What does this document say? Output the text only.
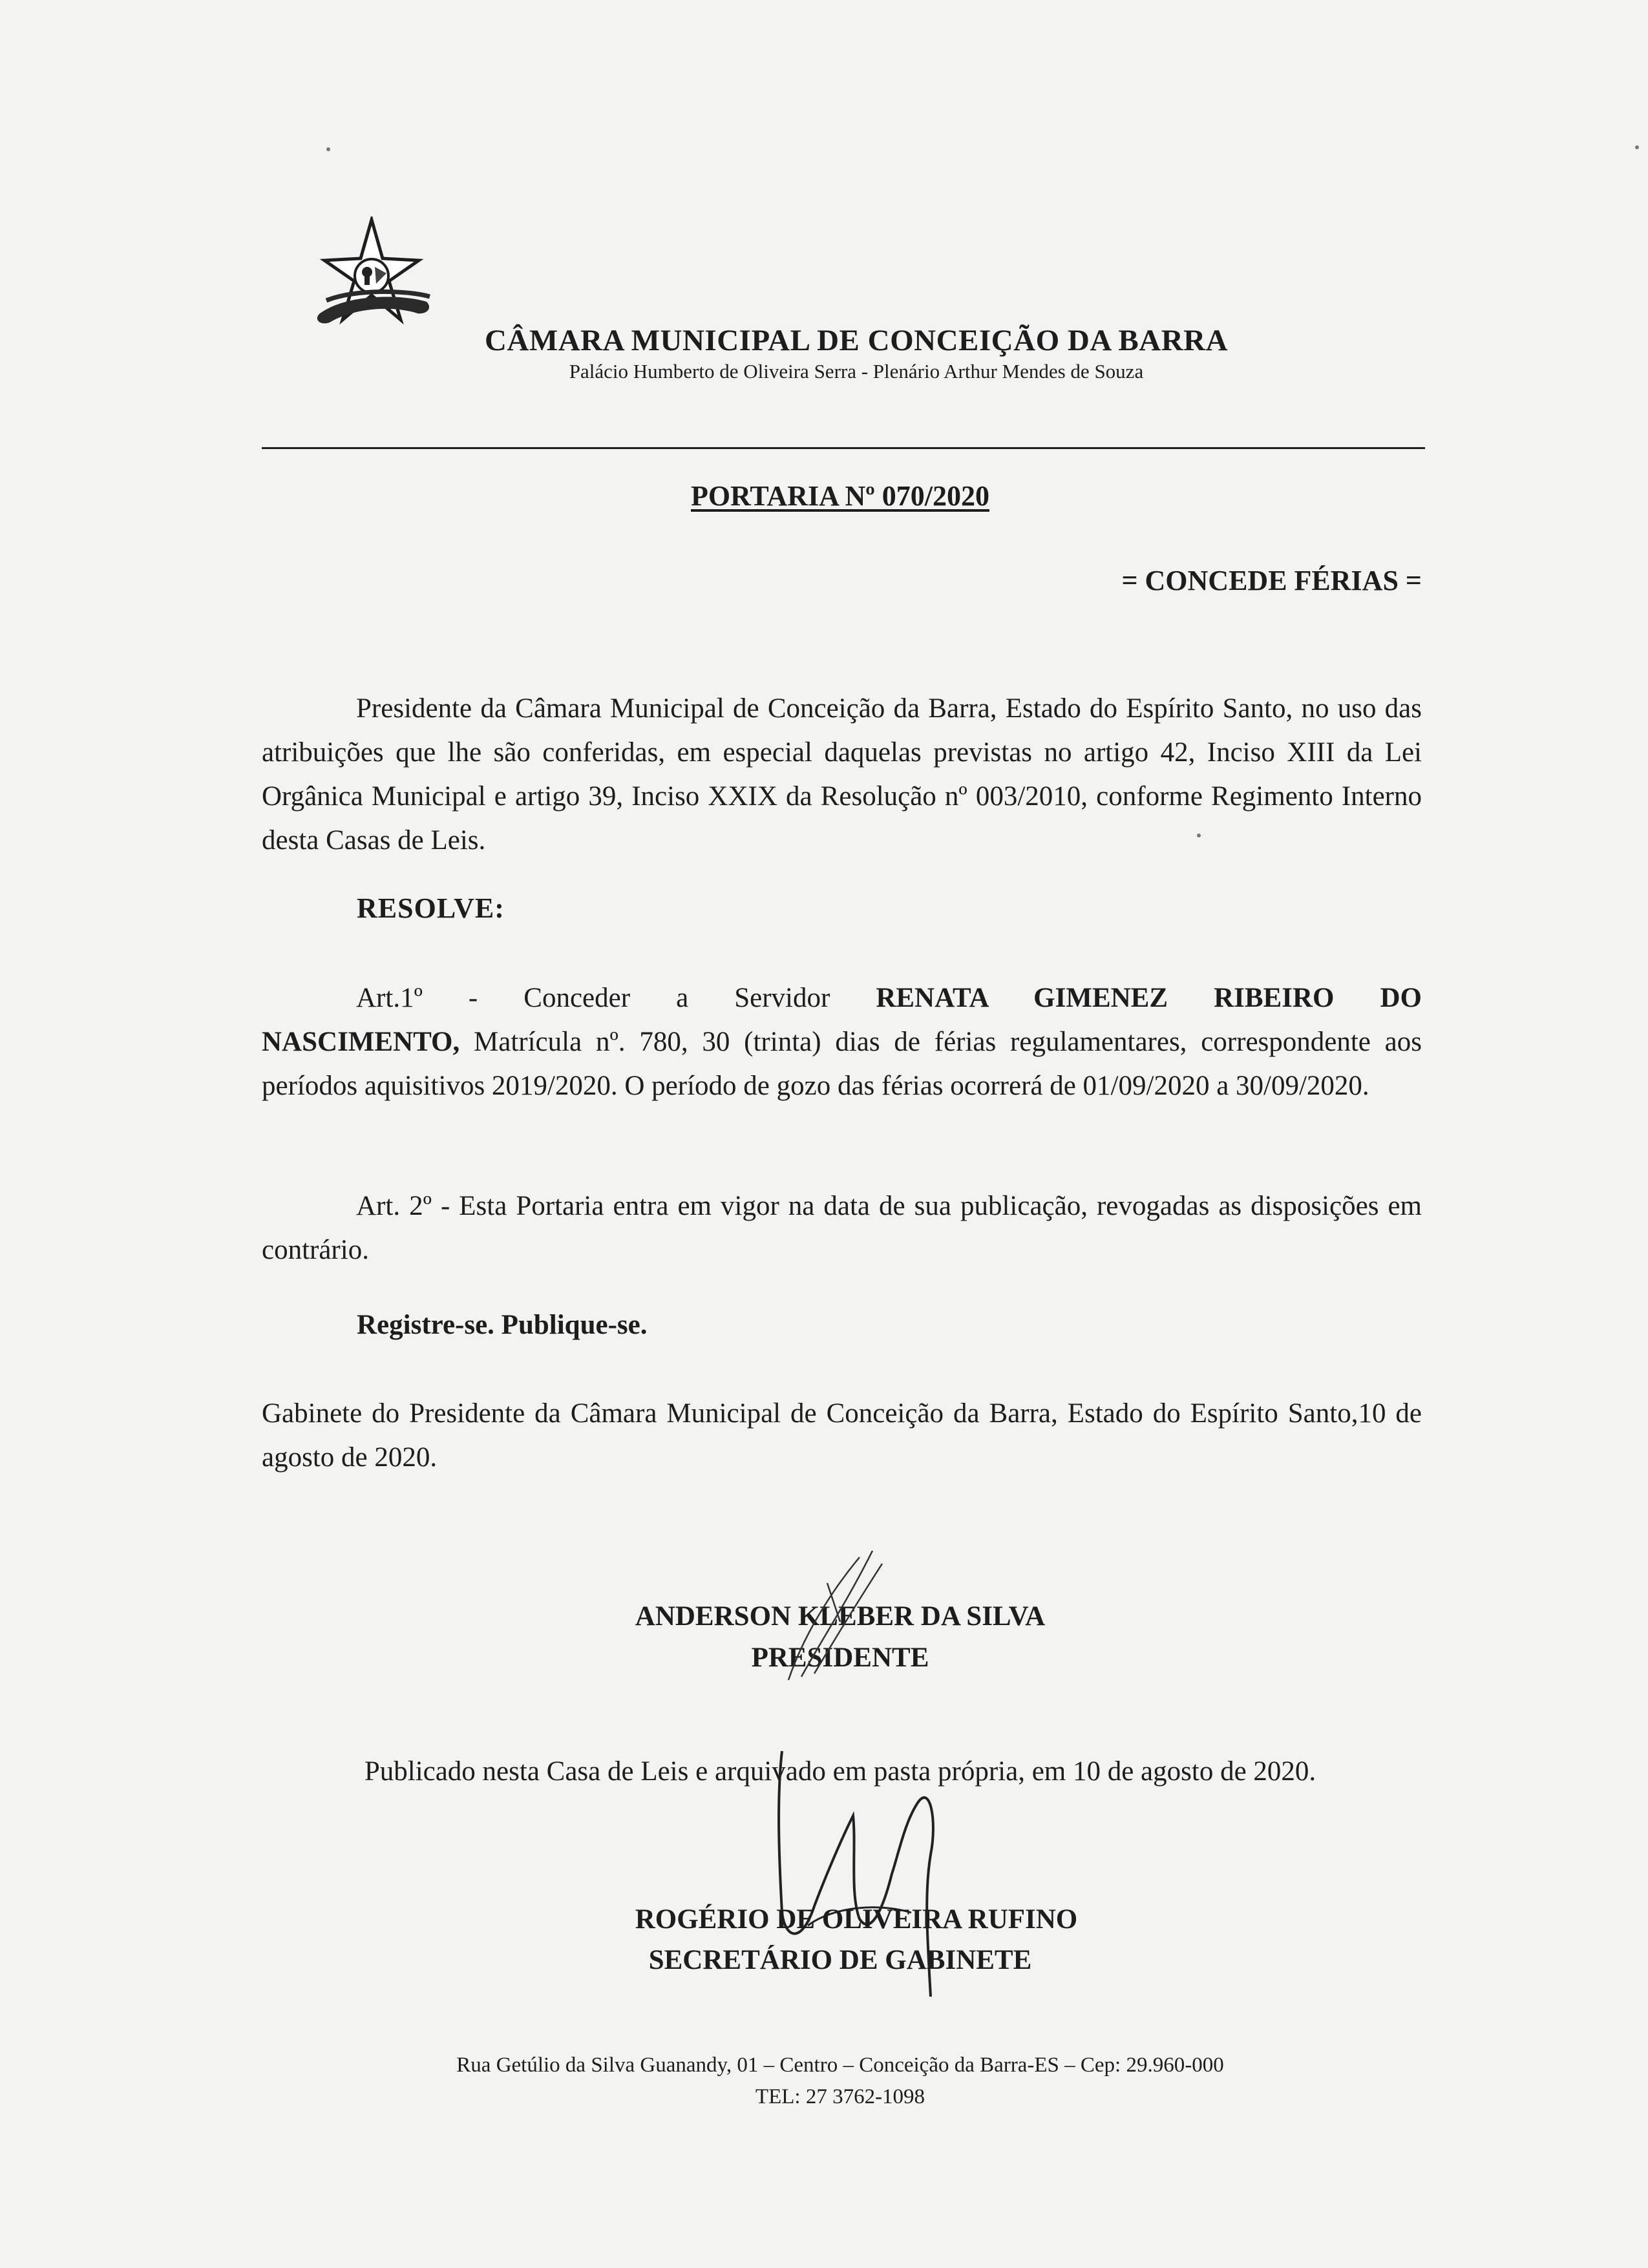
CÂMARA MUNICIPAL DE CONCEIÇÃO DA BARRA
Palácio Humberto de Oliveira Serra - Plenário Arthur Mendes de Souza
PORTARIA Nº 070/2020
= CONCEDE FÉRIAS =
Presidente da Câmara Municipal de Conceição da Barra, Estado do Espírito Santo, no uso das atribuições que lhe são conferidas, em especial daquelas previstas no artigo 42, Inciso XIII da Lei Orgânica Municipal e artigo 39, Inciso XXIX da Resolução nº 003/2010, conforme Regimento Interno desta Casas de Leis.
RESOLVE:
Art.1º - Conceder a Servidor RENATA GIMENEZ RIBEIRO DO
NASCIMENTO, Matrícula nº. 780, 30 (trinta) dias de férias regulamentares, correspondente aos períodos aquisitivos 2019/2020. O período de gozo das férias ocorrerá de 01/09/2020 a 30/09/2020.
Art. 2º - Esta Portaria entra em vigor na data de sua publicação, revogadas as disposições em contrário.
Registre-se. Publique-se.
Gabinete do Presidente da Câmara Municipal de Conceição da Barra, Estado do Espírito Santo,10 de agosto de 2020.
ANDERSON KLEBER DA SILVA
PRESIDENTE
Publicado nesta Casa de Leis e arquivado em pasta própria, em 10 de agosto de 2020.
ROGÉRIO DE OLIVEIRA RUFINO
SECRETÁRIO DE GABINETE
Rua Getúlio da Silva Guanandy, 01 – Centro – Conceição da Barra-ES – Cep: 29.960-000
TEL: 27 3762-1098
